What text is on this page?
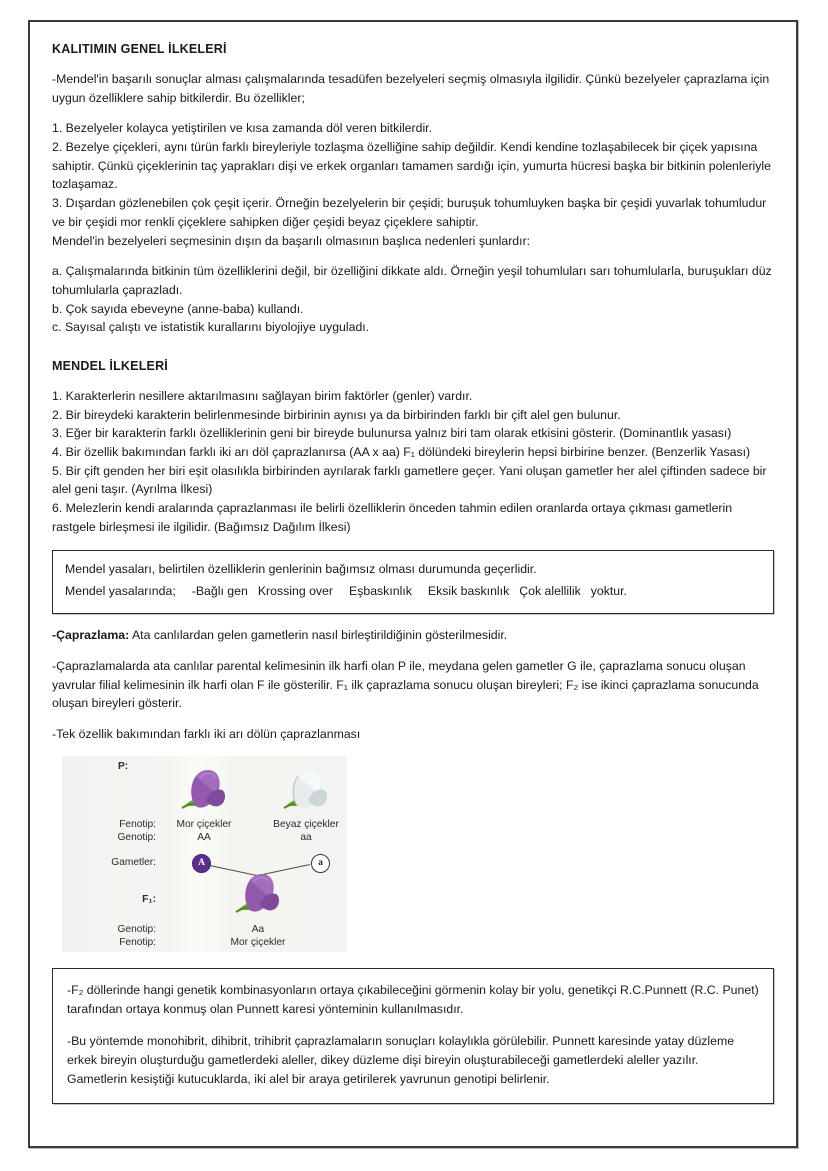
KALITIMIN GENEL İLKELERİ

-Mendel'in başarılı sonuçlar alması çalışmalarında tesadüfen bezelyeleri seçmiş olmasıyla ilgilidir. Çünkü bezelyeler çaprazlama için uygun özelliklere sahip bitkilerdir. Bu özellikler;

1. Bezelyeler kolayca yetiştirilen ve kısa zamanda döl veren bitkilerdir.

2. Bezelye çiçekleri, aynı türün farklı bireyleriyle tozlaşma özelliğine sahip değildir. Kendi kendine tozlaşabilecek bir çiçek yapısına sahiptir. Çünkü çiçeklerinin taç yaprakları dişi ve erkek organları tamamen sardığı için, yumurta hücresi başka bir bitkinin polenleriyle tozlaşamaz.

3. Dışardan gözlenebilen çok çeşit içerir. Örneğin bezelyelerin bir çeşidi; buruşuk tohumluyken başka bir çeşidi yuvarlak tohumludur ve bir çeşidi mor renkli çiçeklere sahipken diğer çeşidi beyaz çiçeklere sahiptir.

Mendel'in bezelyeleri seçmesinin dışın da başarılı olmasının başlıca nedenleri şunlardır:

a. Çalışmalarında bitkinin tüm özelliklerini değil, bir özelliğini dikkate aldı. Örneğin yeşil tohumluları sarı tohumlularla, buruşukları düz tohumlularla çaprazladı.

b. Çok sayıda ebeveyne (anne-baba) kullandı.

c. Sayısal çalıştı ve istatistik kurallarını biyolojiye uyguladı.

MENDEL İLKELERİ

1. Karakterlerin nesillere aktarılmasını sağlayan birim faktörler (genler) vardır.

2. Bir bireydeki karakterin belirlenmesinde birbirinin aynısı ya da birbirinden farklı bir çift alel gen bulunur.

3. Eğer bir karakterin farklı özelliklerinin geni bir bireyde bulunursa yalnız biri tam olarak etkisini gösterir. (Dominantlık yasası)

4. Bir özellik bakımından farklı iki arı döl çaprazlanırsa (AA x aa) F₁ dölündeki bireylerin hepsi birbirine benzer. (Benzerlik Yasası)

5. Bir çift genden her biri eşit olasılıkla birbirinden ayrılarak farklı gametlere geçer. Yani oluşan gametler her alel çiftinden sadece bir alel geni taşır. (Ayrılma İlkesi)

6. Melezlerin kendi aralarında çaprazlanması ile belirli özelliklerin önceden tahmin edilen oranlarda ortaya çıkması gametlerin rastgele birleşmesi ile ilgilidir. (Bağımsız Dağılım İlkesi)

Mendel yasaları, belirtilen özelliklerin genlerinin bağımsız olması durumunda geçerlidir.

Mendel yasalarında; -Bağlı gen Krossing over Eşbaskınlık Eksik baskınlık Çok alellilik yoktur.

-Çaprazlama: Ata canlılardan gelen gametlerin nasıl birleştirildiğinin gösterilmesidir.

-Çaprazlamalarda ata canlılar parental kelimesinin ilk harfi olan P ile, meydana gelen gametler G ile, çaprazlama sonucu oluşan yavrular filial kelimesinin ilk harfi olan F ile gösterilir. F₁ ilk çaprazlama sonucu oluşan bireyleri; F₂ ise ikinci çaprazlama sonucunda oluşan bireyleri gösterir.

-Tek özellik bakımından farklı iki arı dölün çaprazlanması

P:
Fenotip:
Genotip:
Gametler:
Mor çiçekler
AA
Beyaz çiçekler
aa
A	a
F₁:
Genotip:
Fenotip:
Aa
Mor çiçekler

-F₂ döllerinde hangi genetik kombinasyonların ortaya çıkabileceğini görmenin kolay bir yolu, genetikçi R.C.Punnett (R.C. Punet) tarafından ortaya konmuş olan Punnett karesi yönteminin kullanılmasıdır.

-Bu yöntemde monohibrit, dihibrit, trihibrit çaprazlamaların sonuçları kolaylıkla görülebilir. Punnett karesinde yatay düzleme erkek bireyin oluşturduğu gametlerdeki aleller, dikey düzleme dişi bireyin oluşturabileceği gametlerdeki aleller yazılır. Gametlerin kesiştiği kutucuklarda, iki alel bir araya getirilerek yavrunun genotipi belirlenir.
